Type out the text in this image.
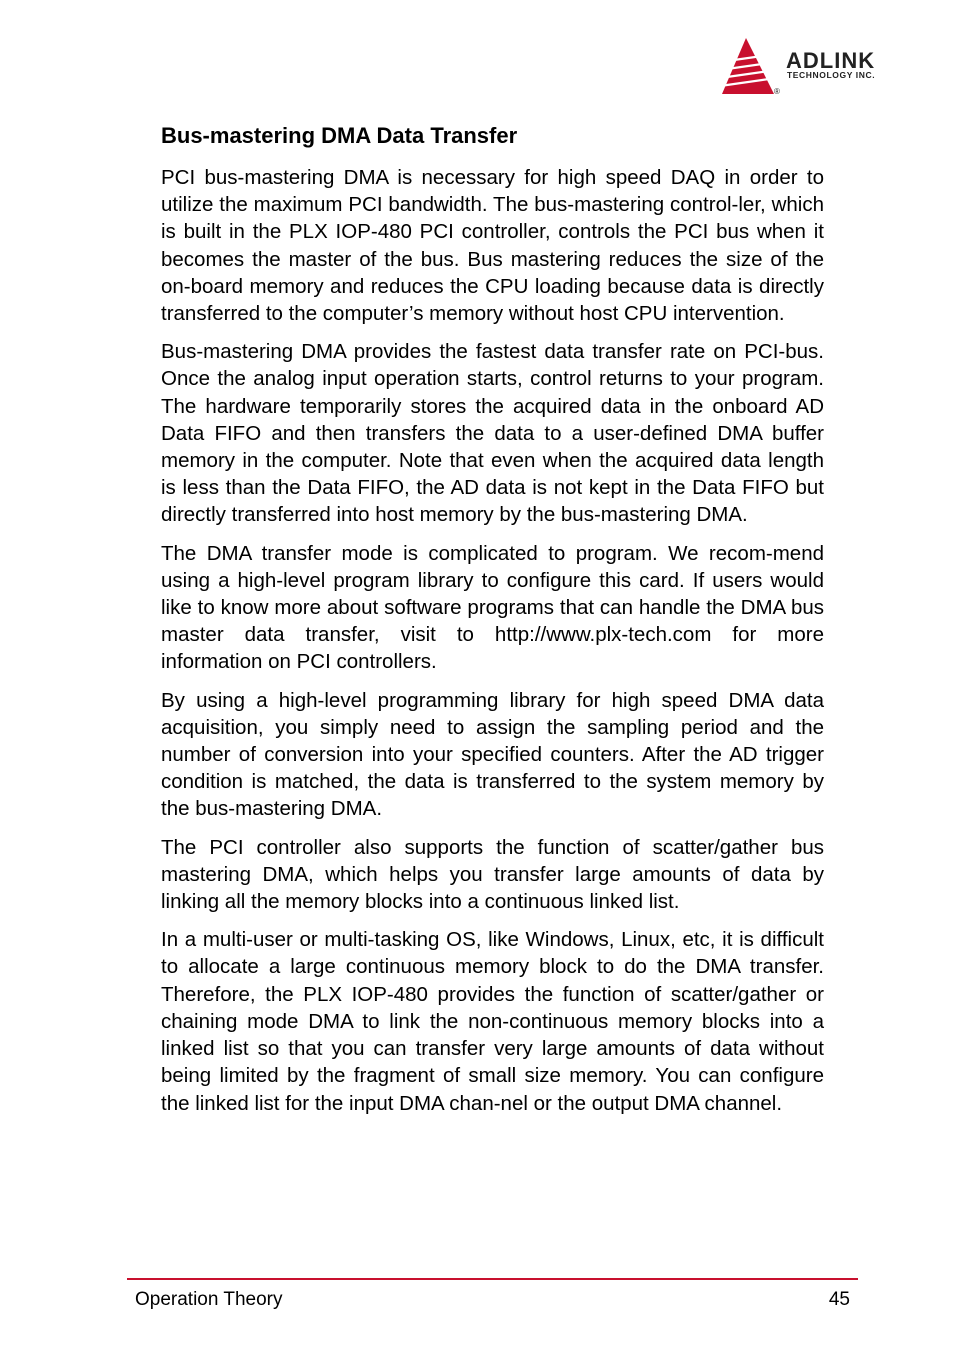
ADLINK
TECHNOLOGY INC.
®
Bus-mastering DMA Data Transfer

PCI bus-mastering DMA is necessary for high speed DAQ in order to utilize the maximum PCI bandwidth. The bus-mastering control-ler, which is built in the PLX IOP-480 PCI controller, controls the PCI bus when it becomes the master of the bus. Bus mastering reduces the size of the on-board memory and reduces the CPU loading because data is directly transferred to the computer’s memory without host CPU intervention.

Bus-mastering DMA provides the fastest data transfer rate on PCI-bus. Once the analog input operation starts, control returns to your program. The hardware temporarily stores the acquired data in the onboard AD Data FIFO and then transfers the data to a user-defined DMA buffer memory in the computer. Note that even when the acquired data length is less than the Data FIFO, the AD data is not kept in the Data FIFO but directly transferred into host memory by the bus-mastering DMA.

The DMA transfer mode is complicated to program. We recom-mend using a high-level program library to configure this card. If users would like to know more about software programs that can handle the DMA bus master data transfer, visit to http://www.plx-tech.com for more information on PCI controllers.

By using a high-level programming library for high speed DMA data acquisition, you simply need to assign the sampling period and the number of conversion into your specified counters. After the AD trigger condition is matched, the data is transferred to the system memory by the bus-mastering DMA.

The PCI controller also supports the function of scatter/gather bus mastering DMA, which helps you transfer large amounts of data by linking all the memory blocks into a continuous linked list.

In a multi-user or multi-tasking OS, like Windows, Linux, etc, it is difficult to allocate a large continuous memory block to do the DMA transfer. Therefore, the PLX IOP-480 provides the function of scatter/gather or chaining mode DMA to link the non-continuous memory blocks into a linked list so that you can transfer very large amounts of data without being limited by the fragment of small size memory. You can configure the linked list for the input DMA chan-nel or the output DMA channel.

Operation Theory	45
